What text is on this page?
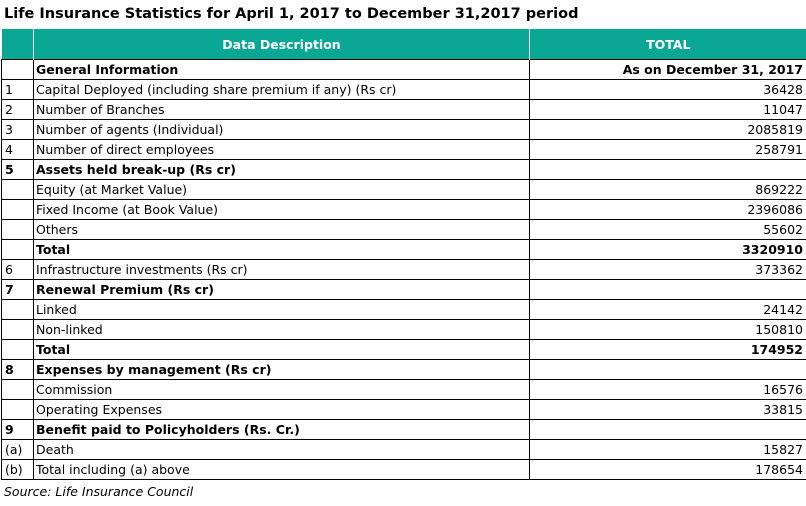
Life Insurance Statistics for April 1, 2017 to December 31,2017 period
	Data Description	TOTAL
	General Information	As on December 31, 2017
1	Capital Deployed (including share premium if any) (Rs cr)	36428
2	Number of Branches	11047
3	Number of agents (Individual)	2085819
4	Number of direct employees	258791
5	Assets held break-up (Rs cr)	
	Equity (at Market Value)	869222
	Fixed Income (at Book Value)	2396086
	Others	55602
	Total	3320910
6	Infrastructure investments (Rs cr)	373362
7	Renewal Premium (Rs cr)	
	Linked	24142
	Non-linked	150810
	Total	174952
8	Expenses by management (Rs cr)	
	Commission	16576
	Operating Expenses	33815
9	Benefit paid to Policyholders (Rs. Cr.)	
(a)	Death	15827
(b)	Total including (a) above	178654
Source: Life Insurance Council
